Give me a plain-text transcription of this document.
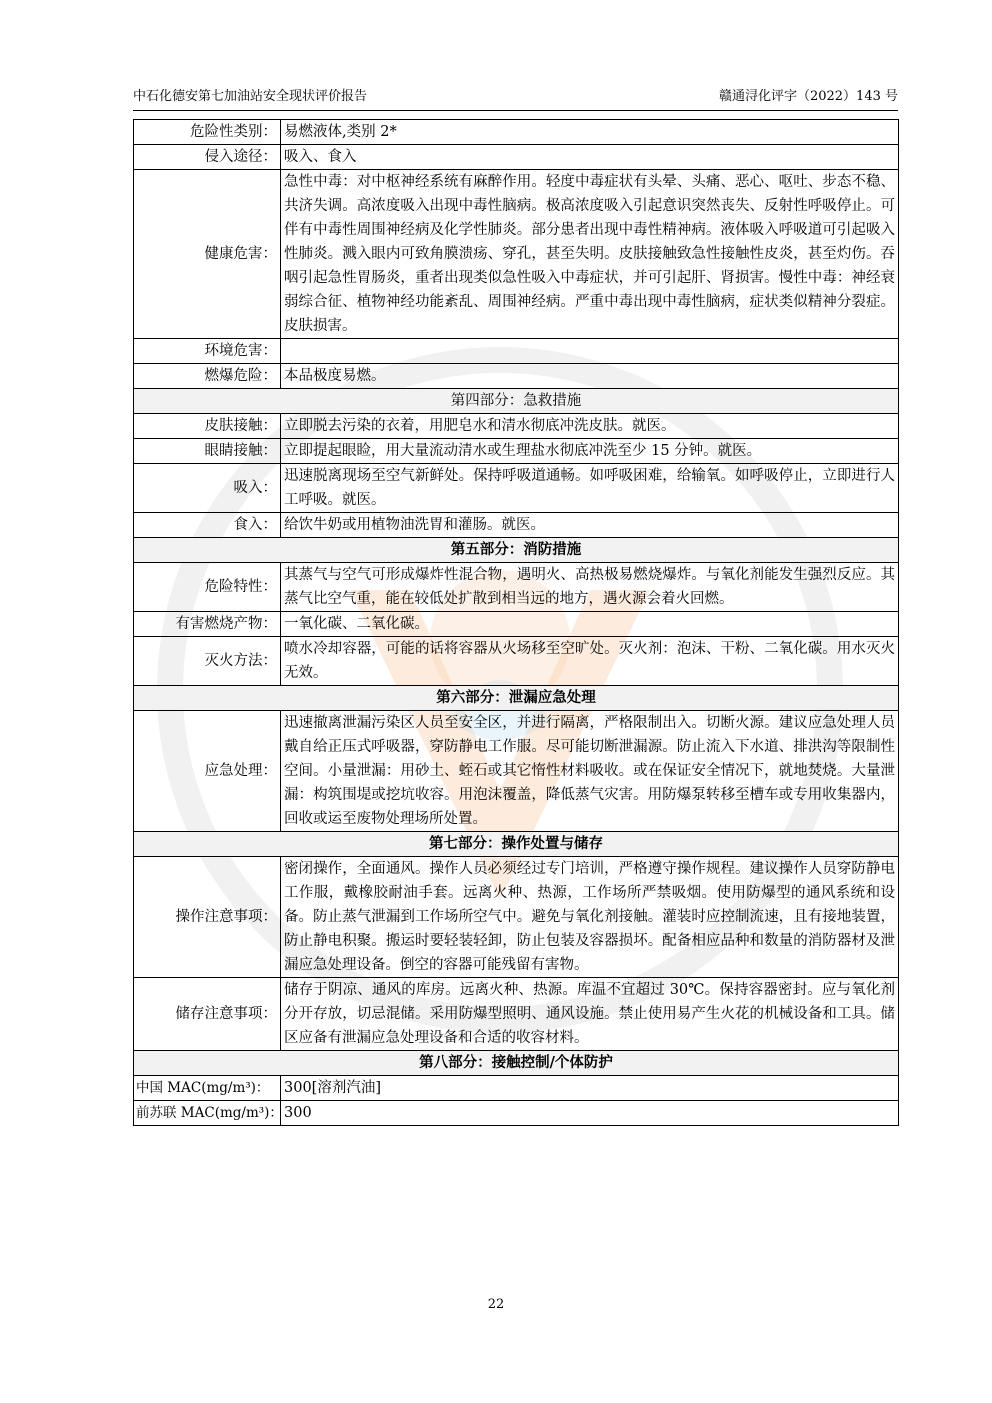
中石化德安第七加油站安全现状评价报告	赣通浔化评字（2022）143 号
危险性类别：	易燃液体,类别 2*
侵入途径：	吸入、食入
健康危害：	急性中毒：对中枢神经系统有麻醉作用。轻度中毒症状有头晕、头痛、恶心、呕吐、步态不稳、共济失调。高浓度吸入出现中毒性脑病。极高浓度吸入引起意识突然丧失、反射性呼吸停止。可伴有中毒性周围神经病及化学性肺炎。部分患者出现中毒性精神病。液体吸入呼吸道可引起吸入性肺炎。溅入眼内可致角膜溃疡、穿孔，甚至失明。皮肤接触致急性接触性皮炎，甚至灼伤。吞咽引起急性胃肠炎，重者出现类似急性吸入中毒症状，并可引起肝、肾损害。慢性中毒：神经衰弱综合征、植物神经功能紊乱、周围神经病。严重中毒出现中毒性脑病，症状类似精神分裂症。皮肤损害。
环境危害：	
燃爆危险：	本品极度易燃。
第四部分：急救措施	
皮肤接触：	立即脱去污染的衣着，用肥皂水和清水彻底冲洗皮肤。就医。
眼睛接触：	立即提起眼睑，用大量流动清水或生理盐水彻底冲洗至少 15 分钟。就医。
吸入：	迅速脱离现场至空气新鲜处。保持呼吸道通畅。如呼吸困难，给输氧。如呼吸停止，立即进行人工呼吸。就医。
食入：	给饮牛奶或用植物油洗胃和灌肠。就医。
第五部分：消防措施	
危险特性：	其蒸气与空气可形成爆炸性混合物，遇明火、高热极易燃烧爆炸。与氧化剂能发生强烈反应。其蒸气比空气重，能在较低处扩散到相当远的地方，遇火源会着火回燃。
有害燃烧产物：	一氧化碳、二氧化碳。
灭火方法：	喷水冷却容器，可能的话将容器从火场移至空旷处。灭火剂：泡沫、干粉、二氧化碳。用水灭火无效。
第六部分：泄漏应急处理	
应急处理：	迅速撤离泄漏污染区人员至安全区，并进行隔离，严格限制出入。切断火源。建议应急处理人员戴自给正压式呼吸器，穿防静电工作服。尽可能切断泄漏源。防止流入下水道、排洪沟等限制性空间。小量泄漏：用砂土、蛭石或其它惰性材料吸收。或在保证安全情况下，就地焚烧。大量泄漏：构筑围堤或挖坑收容。用泡沫覆盖，降低蒸气灾害。用防爆泵转移至槽车或专用收集器内，回收或运至废物处理场所处置。
第七部分：操作处置与储存	
操作注意事项：	密闭操作，全面通风。操作人员必须经过专门培训，严格遵守操作规程。建议操作人员穿防静电工作服，戴橡胶耐油手套。远离火种、热源，工作场所严禁吸烟。使用防爆型的通风系统和设备。防止蒸气泄漏到工作场所空气中。避免与氧化剂接触。灌装时应控制流速，且有接地装置，防止静电积聚。搬运时要轻装轻卸，防止包装及容器损坏。配备相应品种和数量的消防器材及泄漏应急处理设备。倒空的容器可能残留有害物。
储存注意事项：	储存于阴凉、通风的库房。远离火种、热源。库温不宜超过 30℃。保持容器密封。应与氧化剂分开存放，切忌混储。采用防爆型照明、通风设施。禁止使用易产生火花的机械设备和工具。储区应备有泄漏应急处理设备和合适的收容材料。
第八部分：接触控制/个体防护	
中国 MAC(mg/m³)：	300[溶剂汽油]
前苏联 MAC(mg/m³)：	300
22
